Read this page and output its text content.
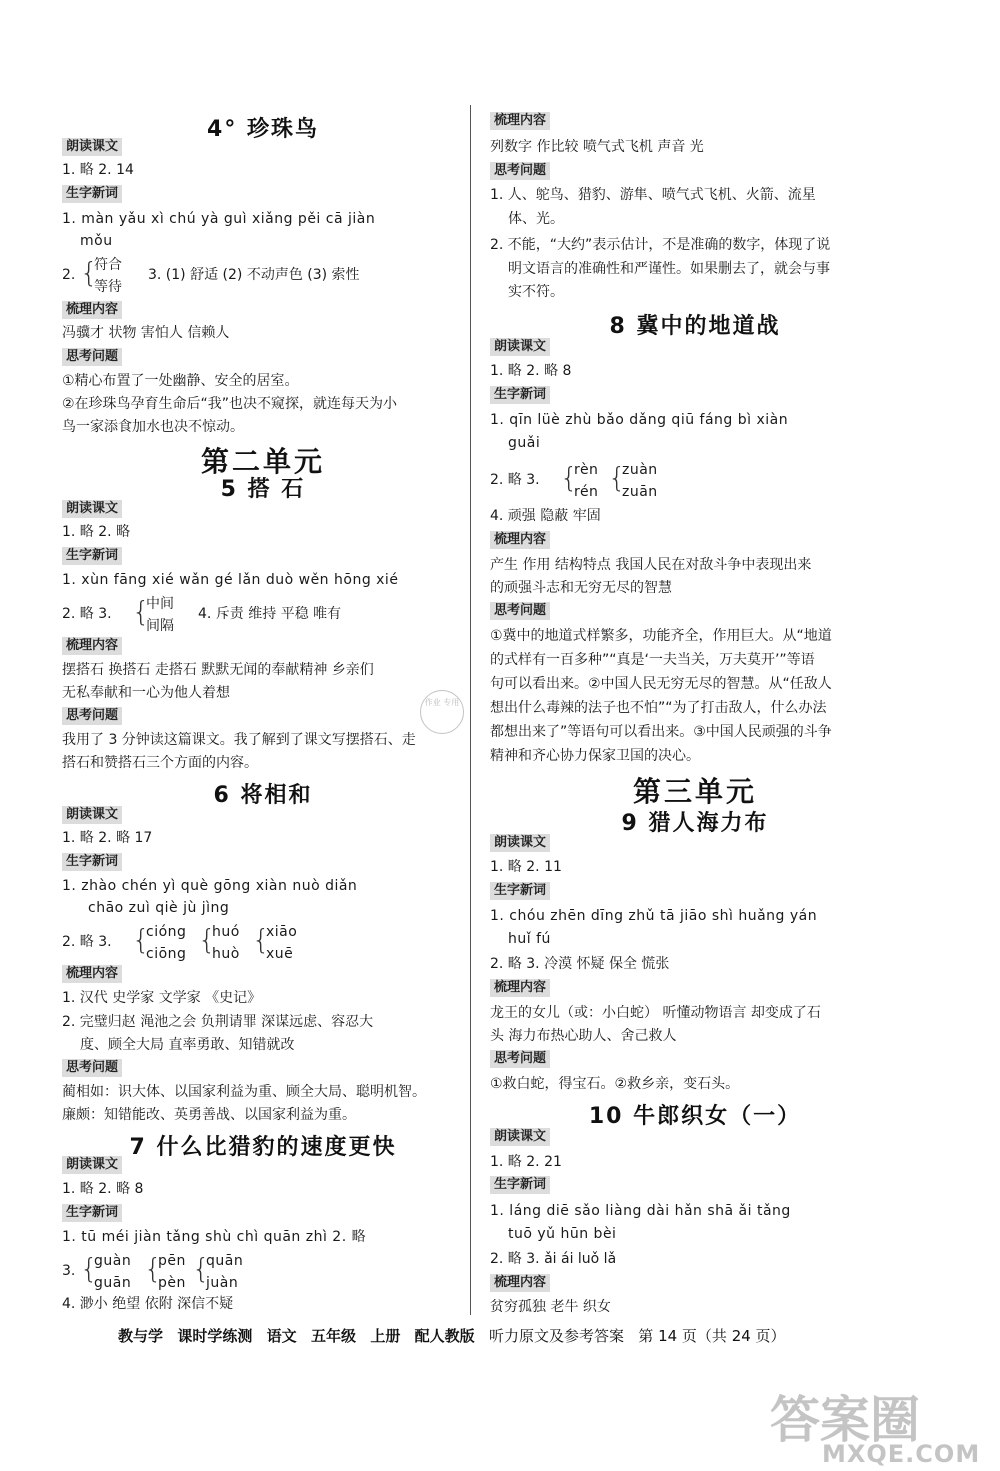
4° 珍珠鸟
朗读课文
1. 略 2. 14
生字新词
1. màn yǎu xì chú yà guì xiǎng pěi cā jiàn
mǒu
2. {
符合
等待
3. (1) 舒适 (2) 不动声色 (3) 索性
梳理内容
冯骥才 状物 害怕人 信赖人
思考问题
①精心布置了一处幽静、安全的居室。
②在珍珠鸟孕育生命后“我”也决不窥探，就连每天为小
鸟一家添食加水也决不惊动。
第二单元
5 搭 石
朗读课文
1. 略 2. 略
生字新词
1. xùn fāng xié wǎn gé lǎn duò wěn hōng xié
2. 略 3. {
中间
间隔
4. 斥责 维持 平稳 唯有
梳理内容
摆搭石 换搭石 走搭石 默默无闻的奉献精神 乡亲们
无私奉献和一心为他人着想
思考问题
我用了 3 分钟读这篇课文。我了解到了课文写摆搭石、走
搭石和赞搭石三个方面的内容。
6 将相和
朗读课文
1. 略 2. 略 17
生字新词
1. zhào chén yì què gōng xiàn nuò diǎn
chāo zuì qiè jù jìng
2. 略 3. {
cióng
ciōng {
huó
huò {
xiāo
xuē
梳理内容
1. 汉代 史学家 文学家 《史记》
2. 完璧归赵 渑池之会 负荆请罪 深谋远虑、容忍大
度、顾全大局 直率勇敢、知错就改
思考问题
蔺相如：识大体、以国家利益为重、顾全大局、聪明机智。
廉颇：知错能改、英勇善战、以国家利益为重。
7 什么比猎豹的速度更快
朗读课文
1. 略 2. 略 8
生字新词
1. tū méi jiàn tǎng shù chì quān zhì 2. 略
3. {
guàn
guān {
pēn
pèn {
quān
juàn
4. 渺小 绝望 依附 深信不疑
梳理内容
列数字 作比较 喷气式飞机 声音 光
思考问题
1. 人、鸵鸟、猎豹、游隼、喷气式飞机、火箭、流星
体、光。
2. 不能，“大约”表示估计，不是准确的数字，体现了说
明文语言的准确性和严谨性。如果删去了，就会与事
实不符。
8 冀中的地道战
朗读课文
1. 略 2. 略 8
生字新词
1. qīn lüè zhù bǎo dǎng qiū fáng bì xiàn
guǎi
2. 略 3. {
rèn
rén {
zuàn
zuān
4. 顽强 隐蔽 牢固
梳理内容
产生 作用 结构特点 我国人民在对敌斗争中表现出来
的顽强斗志和无穷无尽的智慧
思考问题
①冀中的地道式样繁多，功能齐全，作用巨大。从“地道
的式样有一百多种”“真是‘一夫当关，万夫莫开’”等语
句可以看出来。②中国人民无穷无尽的智慧。从“任敌人
想出什么毒辣的法子也不怕”“为了打击敌人，什么办法
都想出来了”等语句可以看出来。③中国人民顽强的斗争
精神和齐心协力保家卫国的决心。
第三单元
9 猎人海力布
朗读课文
1. 略 2. 11
生字新词
1. chóu zhēn dīng zhǔ tā jiāo shì huǎng yán
huǐ fú
2. 略 3. 冷漠 怀疑 保全 慌张
梳理内容
龙王的女儿（或：小白蛇） 听懂动物语言 却变成了石
头 海力布热心助人、舍己救人
思考问题
①救白蛇，得宝石。②救乡亲，变石头。
10 牛郎织女（一）
朗读课文
1. 略 2. 21
生字新词
1. láng diē sǎo liàng dài hǎn shā ǎi tǎng
tuō yǔ hūn bèi
2. 略 3. ǎi ái luǒ lǎ
梳理内容
贫穷孤独 老牛 织女
作业 专用
教与学 课时学练测 语文 五年级 上册 配人教版 听力原文及参考答案 第 14 页（共 24 页）
答案圈
MXQE.COM
